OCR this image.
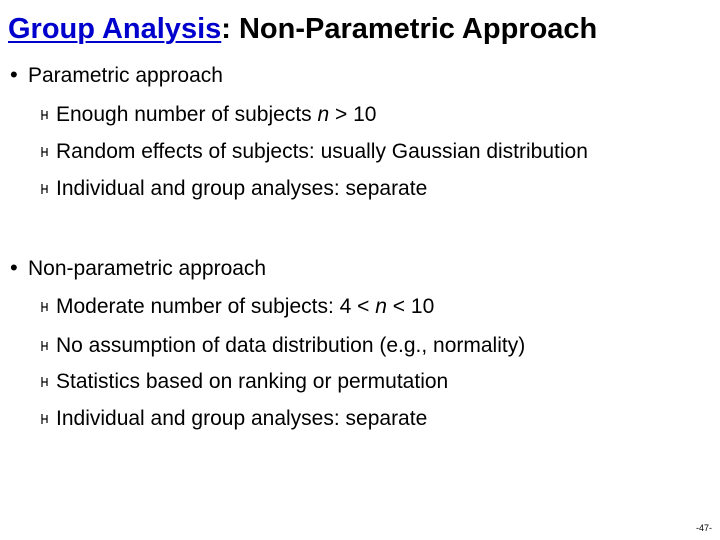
Group Analysis: Non-Parametric Approach
• Parametric approach
Enough number of subjects n > 10
Random effects of subjects: usually Gaussian distribution
Individual and group analyses: separate
• Non-parametric approach
Moderate number of subjects: 4 < n < 10
No assumption of data distribution (e.g., normality)
Statistics based on ranking or permutation
Individual and group analyses: separate
-47-
